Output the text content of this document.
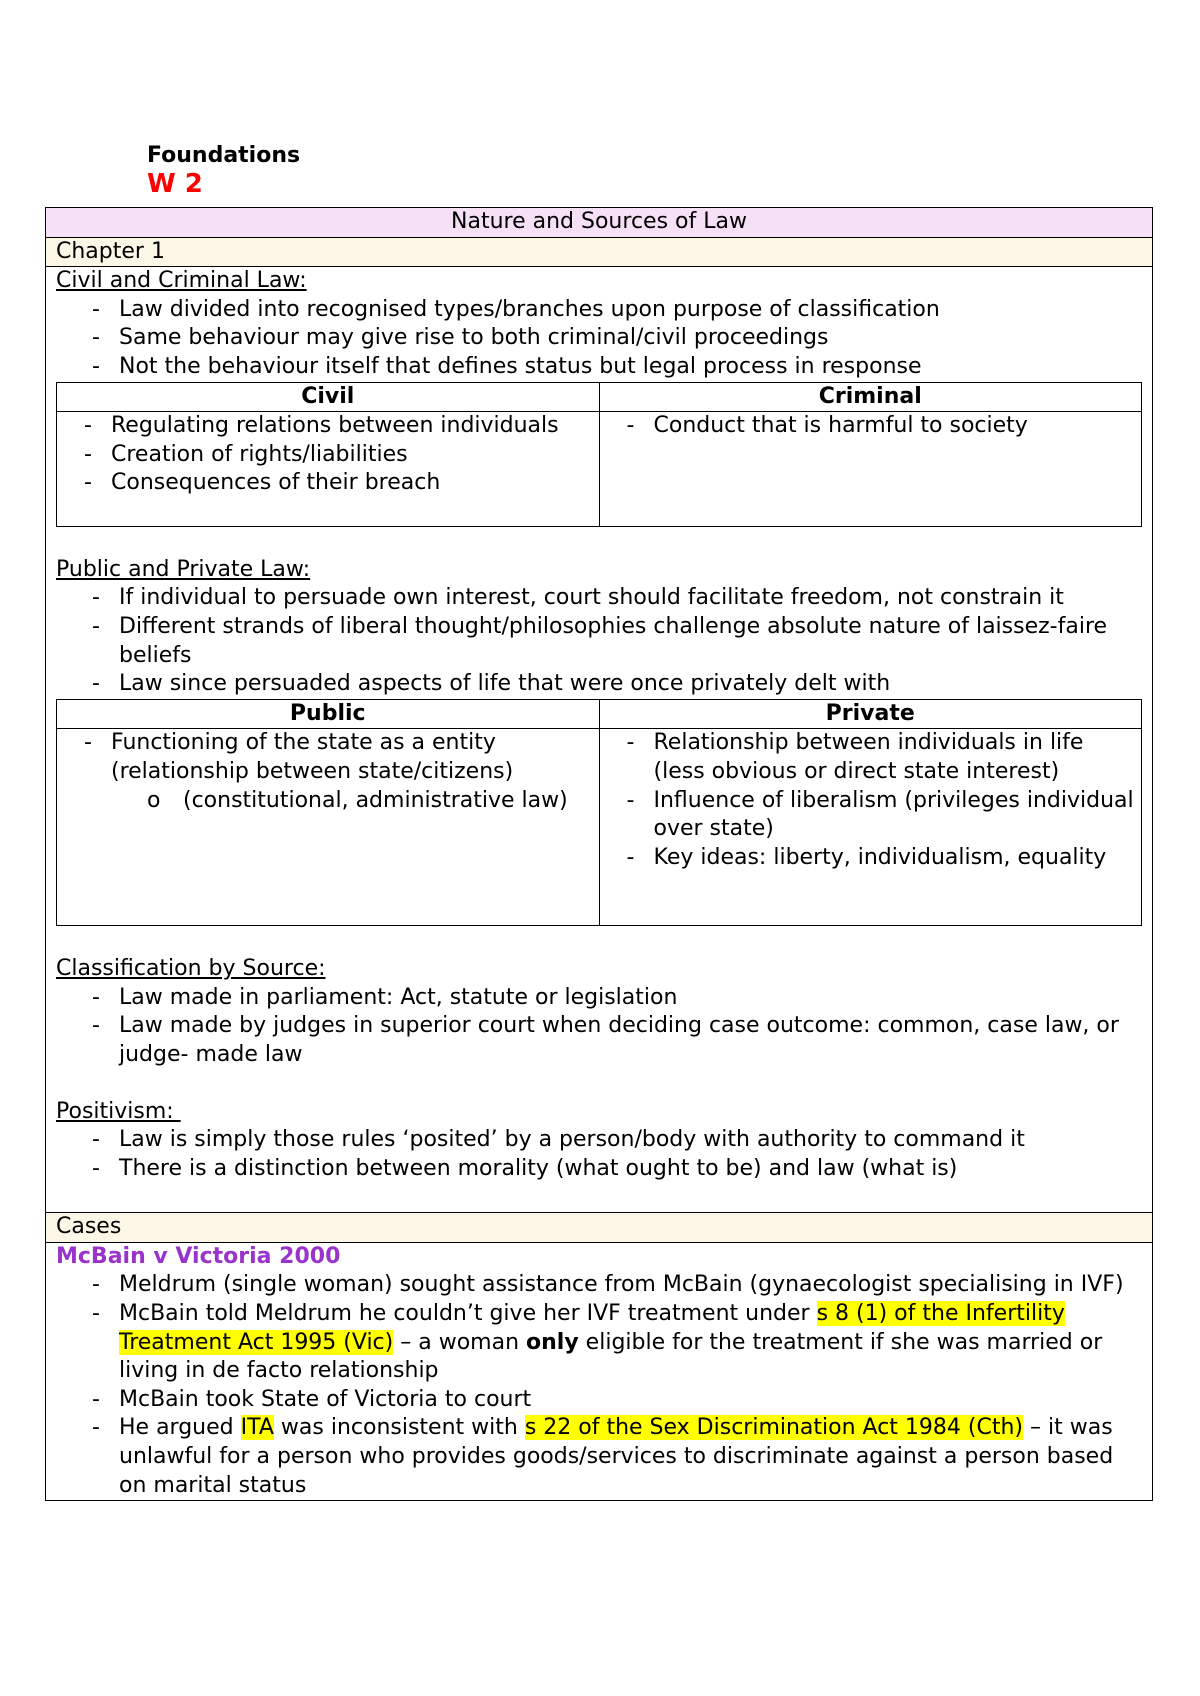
Foundations
W 2
Nature and Sources of Law
Chapter 1

Civil and Criminal Law:
- Law divided into recognised types/branches upon purpose of classification
- Same behaviour may give rise to both criminal/civil proceedings
- Not the behaviour itself that defines status but legal process in response
Civil	Criminal

- Regulating relations between individuals
- Creation of rights/liabilities
- Consequences of their breach

- Conduct that is harmful to society
Public and Private Law:
- If individual to persuade own interest, court should facilitate freedom, not constrain it
- Different strands of liberal thought/philosophies challenge absolute nature of laissez-faire beliefs
- Law since persuaded aspects of life that were once privately delt with
Public	Private

- Functioning of the state as a entity (relationship between state/citizens)
o (constitutional, administrative law)

- Relationship between individuals in life (less obvious or direct state interest)
- Influence of liberalism (privileges individual over state)
- Key ideas: liberty, individualism, equality
Classification by Source:
- Law made in parliament: Act, statute or legislation
- Law made by judges in superior court when deciding case outcome: common, case law, or judge- made law
Positivism:
- Law is simply those rules ‘posited’ by a person/body with authority to command it
- There is a distinction between morality (what ought to be) and law (what is)

Cases

McBain v Victoria 2000
- Meldrum (single woman) sought assistance from McBain (gynaecologist specialising in IVF)
- McBain told Meldrum he couldn’t give her IVF treatment under s 8 (1) of the Infertility Treatment Act 1995 (Vic) – a woman only eligible for the treatment if she was married or living in de facto relationship
- McBain took State of Victoria to court
- He argued ITA was inconsistent with s 22 of the Sex Discrimination Act 1984 (Cth) – it was unlawful for a person who provides goods/services to discriminate against a person based on marital status
